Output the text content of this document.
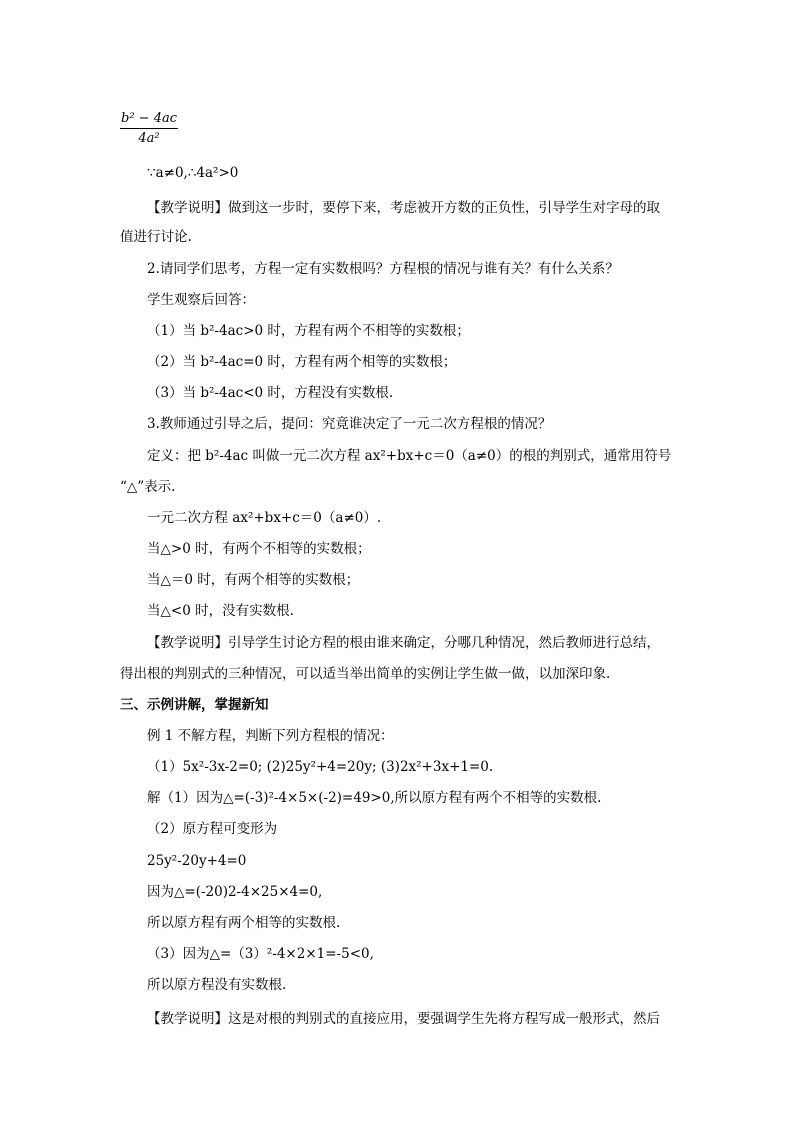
$\frac{\text{b² − 4ac}}{\text{4a²}}$
∵a≠0,∴4a²>0
【教学说明】做到这一步时，要停下来，考虑被开方数的正负性，引导学生对字母的取
值进行讨论.
2.请同学们思考，方程一定有实数根吗？方程根的情况与谁有关？有什么关系？
学生观察后回答：
（1）当 b²-4ac>0 时，方程有两个不相等的实数根；
（2）当 b²-4ac=0 时，方程有两个相等的实数根；
（3）当 b²-4ac<0 时，方程没有实数根.
3.教师通过引导之后，提问：究竟谁决定了一元二次方程根的情况？
定义：把 b²-4ac 叫做一元二次方程 ax²+bx+c＝0（a≠0）的根的判别式，通常用符号
“△”表示.
一元二次方程 ax²+bx+c＝0（a≠0）.
当△>0 时，有两个不相等的实数根；
当△＝0 时，有两个相等的实数根；
当△<0 时，没有实数根.
【教学说明】引导学生讨论方程的根由谁来确定，分哪几种情况，然后教师进行总结，
得出根的判别式的三种情况，可以适当举出简单的实例让学生做一做，以加深印象.
三、示例讲解，掌握新知
例 1 不解方程，判断下列方程根的情况：
（1）5x²-3x-2=0; (2)25y²+4=20y; (3)2x²+3x+1=0.
解（1）因为△=(-3)²-4×5×(-2)=49>0,所以原方程有两个不相等的实数根.
（2）原方程可变形为
25y²-20y+4=0
因为△=(-20)2-4×25×4=0,
所以原方程有两个相等的实数根.
（3）因为△=（3）²-4×2×1=-5<0,
所以原方程没有实数根.
【教学说明】这是对根的判别式的直接应用，要强调学生先将方程写成一般形式，然后
